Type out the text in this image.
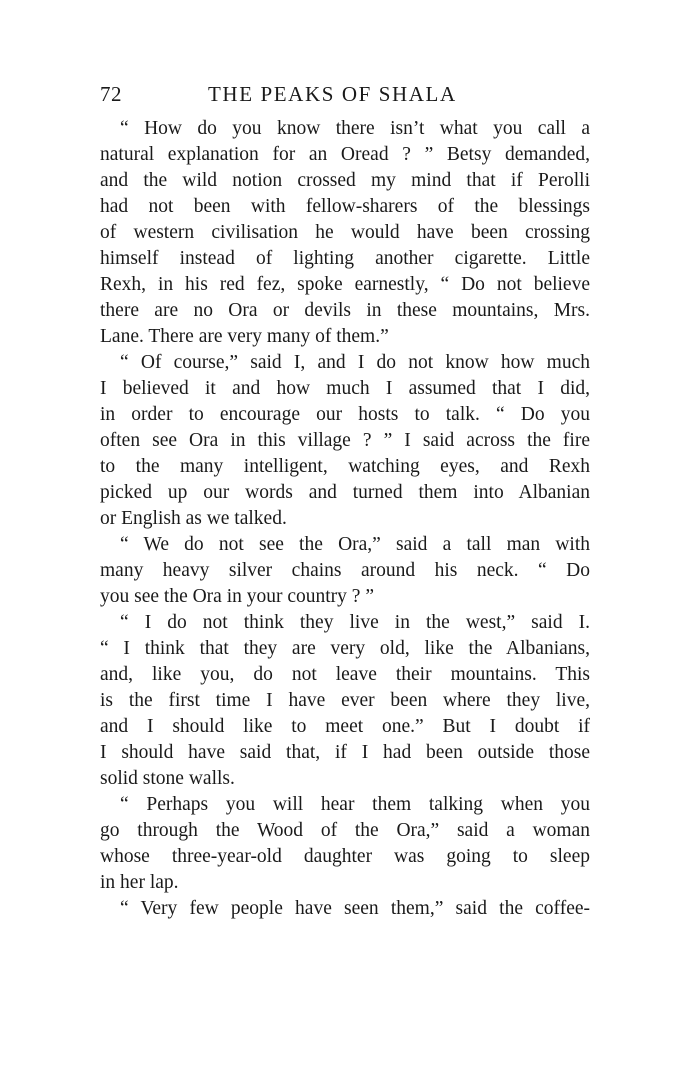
72	THE PEAKS OF SHALA
“ How do you know there isn’t what you call a
natural explanation for an Oread ? ” Betsy demanded,
and the wild notion crossed my mind that if Perolli
had not been with fellow-sharers of the blessings
of western civilisation he would have been crossing
himself instead of lighting another cigarette. Little
Rexh, in his red fez, spoke earnestly, “ Do not believe
there are no Ora or devils in these mountains, Mrs.
Lane. There are very many of them.”
“ Of course,” said I, and I do not know how much
I believed it and how much I assumed that I did,
in order to encourage our hosts to talk. “ Do you
often see Ora in this village ? ” I said across the fire
to the many intelligent, watching eyes, and Rexh
picked up our words and turned them into Albanian
or English as we talked.
“ We do not see the Ora,” said a tall man with
many heavy silver chains around his neck. “ Do
you see the Ora in your country ? ”
“ I do not think they live in the west,” said I.
“ I think that they are very old, like the Albanians,
and, like you, do not leave their mountains. This
is the first time I have ever been where they live,
and I should like to meet one.” But I doubt if
I should have said that, if I had been outside those
solid stone walls.
“ Perhaps you will hear them talking when you
go through the Wood of the Ora,” said a woman
whose three-year-old daughter was going to sleep
in her lap.
“ Very few people have seen them,” said the coffee-
